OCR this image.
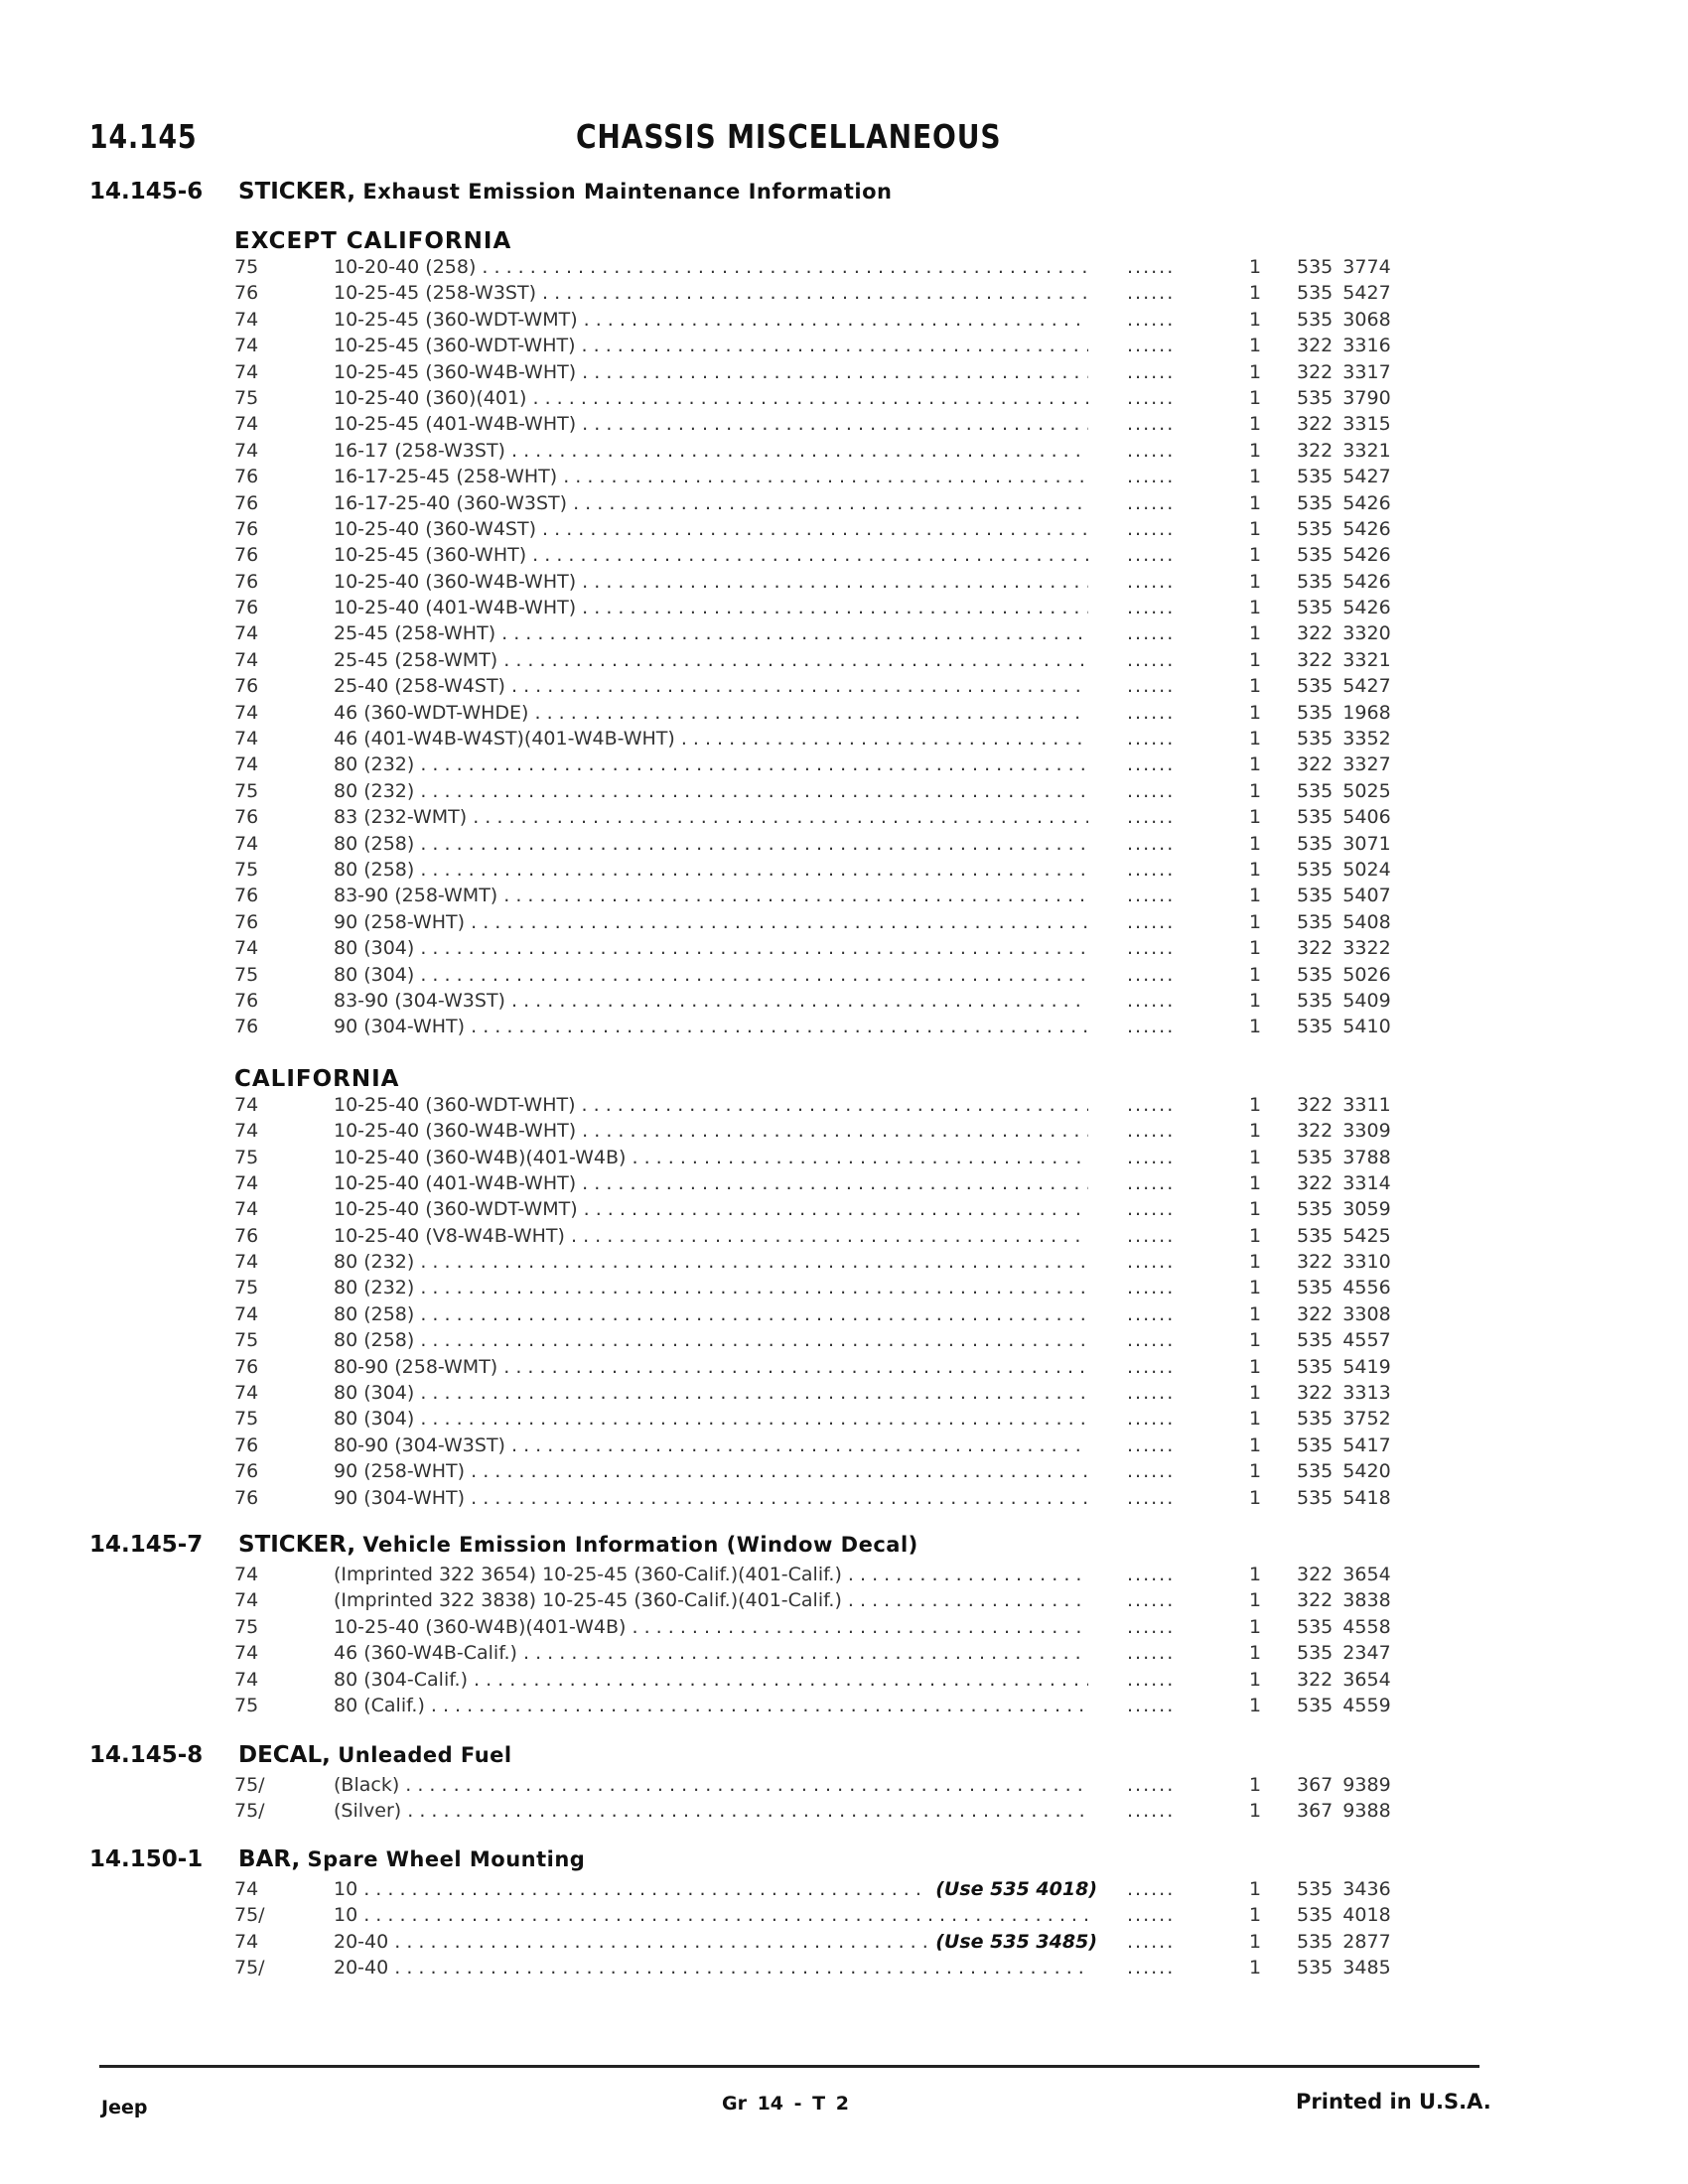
14.145	CHASSIS MISCELLANEOUS
14.145-6 STICKER, Exhaust Emission Maintenance Information
EXCEPT CALIFORNIA
75	10-20-40 (258) . . .	......	1 535 3774
76	10-25-45 (258-W3ST) . . .	......	1 535 5427
74	10-25-45 (360-WDT-WMT) . . .	......	1 535 3068
74	10-25-45 (360-WDT-WHT) . . .	......	1 322 3316
74	10-25-45 (360-W4B-WHT) . . .	......	1 322 3317
75	10-25-40 (360)(401) . . .	......	1 535 3790
74	10-25-45 (401-W4B-WHT) . . .	......	1 322 3315
74	16-17 (258-W3ST) . . .	......	1 322 3321
76	16-17-25-45 (258-WHT) . . .	......	1 535 5427
76	16-17-25-40 (360-W3ST) . . .	......	1 535 5426
76	10-25-40 (360-W4ST) . . .	......	1 535 5426
76	10-25-45 (360-WHT) . . .	......	1 535 5426
76	10-25-40 (360-W4B-WHT) . . .	......	1 535 5426
76	10-25-40 (401-W4B-WHT) . . .	......	1 535 5426
74	25-45 (258-WHT) . . .	......	1 322 3320
74	25-45 (258-WMT) . . .	......	1 322 3321
76	25-40 (258-W4ST) . . .	......	1 535 5427
74	46 (360-WDT-WHDE) . . .	......	1 535 1968
74	46 (401-W4B-W4ST)(401-W4B-WHT) . . .	......	1 535 3352
74	80 (232) . . .	......	1 322 3327
75	80 (232) . . .	......	1 535 5025
76	83 (232-WMT) . . .	......	1 535 5406
74	80 (258) . . .	......	1 535 3071
75	80 (258) . . .	......	1 535 5024
76	83-90 (258-WMT) . . .	......	1 535 5407
76	90 (258-WHT) . . .	......	1 535 5408
74	80 (304) . . .	......	1 322 3322
75	80 (304) . . .	......	1 535 5026
76	83-90 (304-W3ST) . . .	......	1 535 5409
76	90 (304-WHT) . . .	......	1 535 5410
CALIFORNIA
74	10-25-40 (360-WDT-WHT) . . .	......	1 322 3311
74	10-25-40 (360-W4B-WHT) . . .	......	1 322 3309
75	10-25-40 (360-W4B)(401-W4B) . . .	......	1 535 3788
74	10-25-40 (401-W4B-WHT) . . .	......	1 322 3314
74	10-25-40 (360-WDT-WMT) . . .	......	1 535 3059
76	10-25-40 (V8-W4B-WHT) . . .	......	1 535 5425
74	80 (232) . . .	......	1 322 3310
75	80 (232) . . .	......	1 535 4556
74	80 (258) . . .	......	1 322 3308
75	80 (258) . . .	......	1 535 4557
76	80-90 (258-WMT) . . .	......	1 535 5419
74	80 (304) . . .	......	1 322 3313
75	80 (304) . . .	......	1 535 3752
76	80-90 (304-W3ST) . . .	......	1 535 5417
76	90 (258-WHT) . . .	......	1 535 5420
76	90 (304-WHT) . . .	......	1 535 5418
14.145-7 STICKER, Vehicle Emission Information (Window Decal)
74	(Imprinted 322 3654) 10-25-45 (360-Calif.)(401-Calif.) . . .	......	1 322 3654
74	(Imprinted 322 3838) 10-25-45 (360-Calif.)(401-Calif.) . . .	......	1 322 3838
75	10-25-40 (360-W4B)(401-W4B) . . .	......	1 535 4558
74	46 (360-W4B-Calif.) . . .	......	1 535 2347
74	80 (304-Calif.) . . .	......	1 322 3654
75	80 (Calif.) . . .	......	1 535 4559
14.145-8 DECAL, Unleaded Fuel
75/	(Black) . . .	......	1 367 9389
75/	(Silver) . . .	......	1 367 9388
14.150-1 BAR, Spare Wheel Mounting
74	10 . . .	(Use 535 4018) ......	1 535 3436
75/	10 . . .	......	1 535 4018
74	20-40 . . .	(Use 535 3485) ......	1 535 2877
75/	20-40 . . .	......	1 535 3485
Jeep	Gr 14 - T 2	Printed in U.S.A.
